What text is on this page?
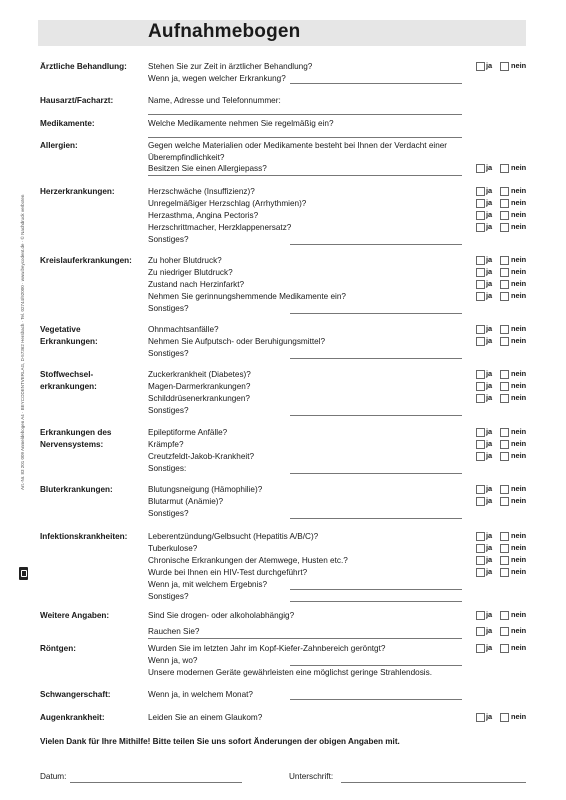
Aufnahmebogen
Art.-Nr. 83 201 009 Anmeldebogen A4 · BEYCODENTVERLAG, D-57362 Hersbach · Tel. 02744/92000 · www.beycodent.de · © Nachdruck verboten
Ärztliche Behandlung:	Stehen Sie zur Zeit in ärztlicher Behandlung?	ja	nein
Wenn ja, wegen welcher Erkrankung?
Hausarzt/Facharzt:	Name, Adresse und Telefonnummer:
Medikamente:	Welche Medikamente nehmen Sie regelmäßig ein?
Allergien:	Gegen welche Materialien oder Medikamente besteht bei Ihnen der Verdacht einer Überempfindlichkeit?
Besitzen Sie einen Allergiepass?	ja	nein
Herzerkrankungen:	Herzschwäche (Insuffizienz)?	ja	nein
Unregelmäßiger Herzschlag (Arrhythmien)?	ja	nein
Herzasthma, Angina Pectoris?	ja	nein
Herzschrittmacher, Herzklappenersatz?	ja	nein
Sonstiges?
Kreislauferkrankungen:	Zu hoher Blutdruck?	ja	nein
Zu niedriger Blutdruck?	ja	nein
Zustand nach Herzinfarkt?	ja	nein
Nehmen Sie gerinnungshemmende Medikamente ein?	ja	nein
Sonstiges?
Vegetative Erkrankungen:
Ohnmachtsanfälle?	ja	nein
Nehmen Sie Aufputsch- oder Beruhigungsmittel?	ja	nein
Sonstiges?
Stoffwechselerkrankungen:
Zuckerkrankheit (Diabetes)?	ja	nein
Magen-Darmerkrankungen?	ja	nein
Schilddrüsenerkrankungen?	ja	nein
Sonstiges?
Erkrankungen des Nervensystems:
Epileptiforme Anfälle?	ja	nein
Krämpfe?	ja	nein
Creutzfeldt-Jakob-Krankheit?	ja	nein
Sonstiges:
Bluterkrankungen:	Blutungsneigung (Hämophilie)?	ja	nein
Blutarmut (Anämie)?	ja	nein
Sonstiges?
Infektionskrankheiten:	Leberentzündung/Gelbsucht (Hepatitis A/B/C)?	ja	nein
Tuberkulose?	ja	nein
Chronische Erkrankungen der Atemwege, Husten etc.?	ja	nein
Wurde bei Ihnen ein HIV-Test durchgeführt?	ja	nein
Wenn ja, mit welchem Ergebnis?
Sonstiges?
Weitere Angaben:	Sind Sie drogen- oder alkoholabhängig?	ja	nein
Rauchen Sie?	ja	nein
Röntgen:	Wurden Sie im letzten Jahr im Kopf-Kiefer-Zahnbereich geröntgt?	ja	nein
Wenn ja, wo?
Unsere modernen Geräte gewährleisten eine möglichst geringe Strahlendosis.
Schwangerschaft:	Wenn ja, in welchem Monat?
Augenkrankheit:	Leiden Sie an einem Glaukom?	ja	nein
Vielen Dank für Ihre Mithilfe! Bitte teilen Sie uns sofort Änderungen der obigen Angaben mit.
Datum:	Unterschrift:
